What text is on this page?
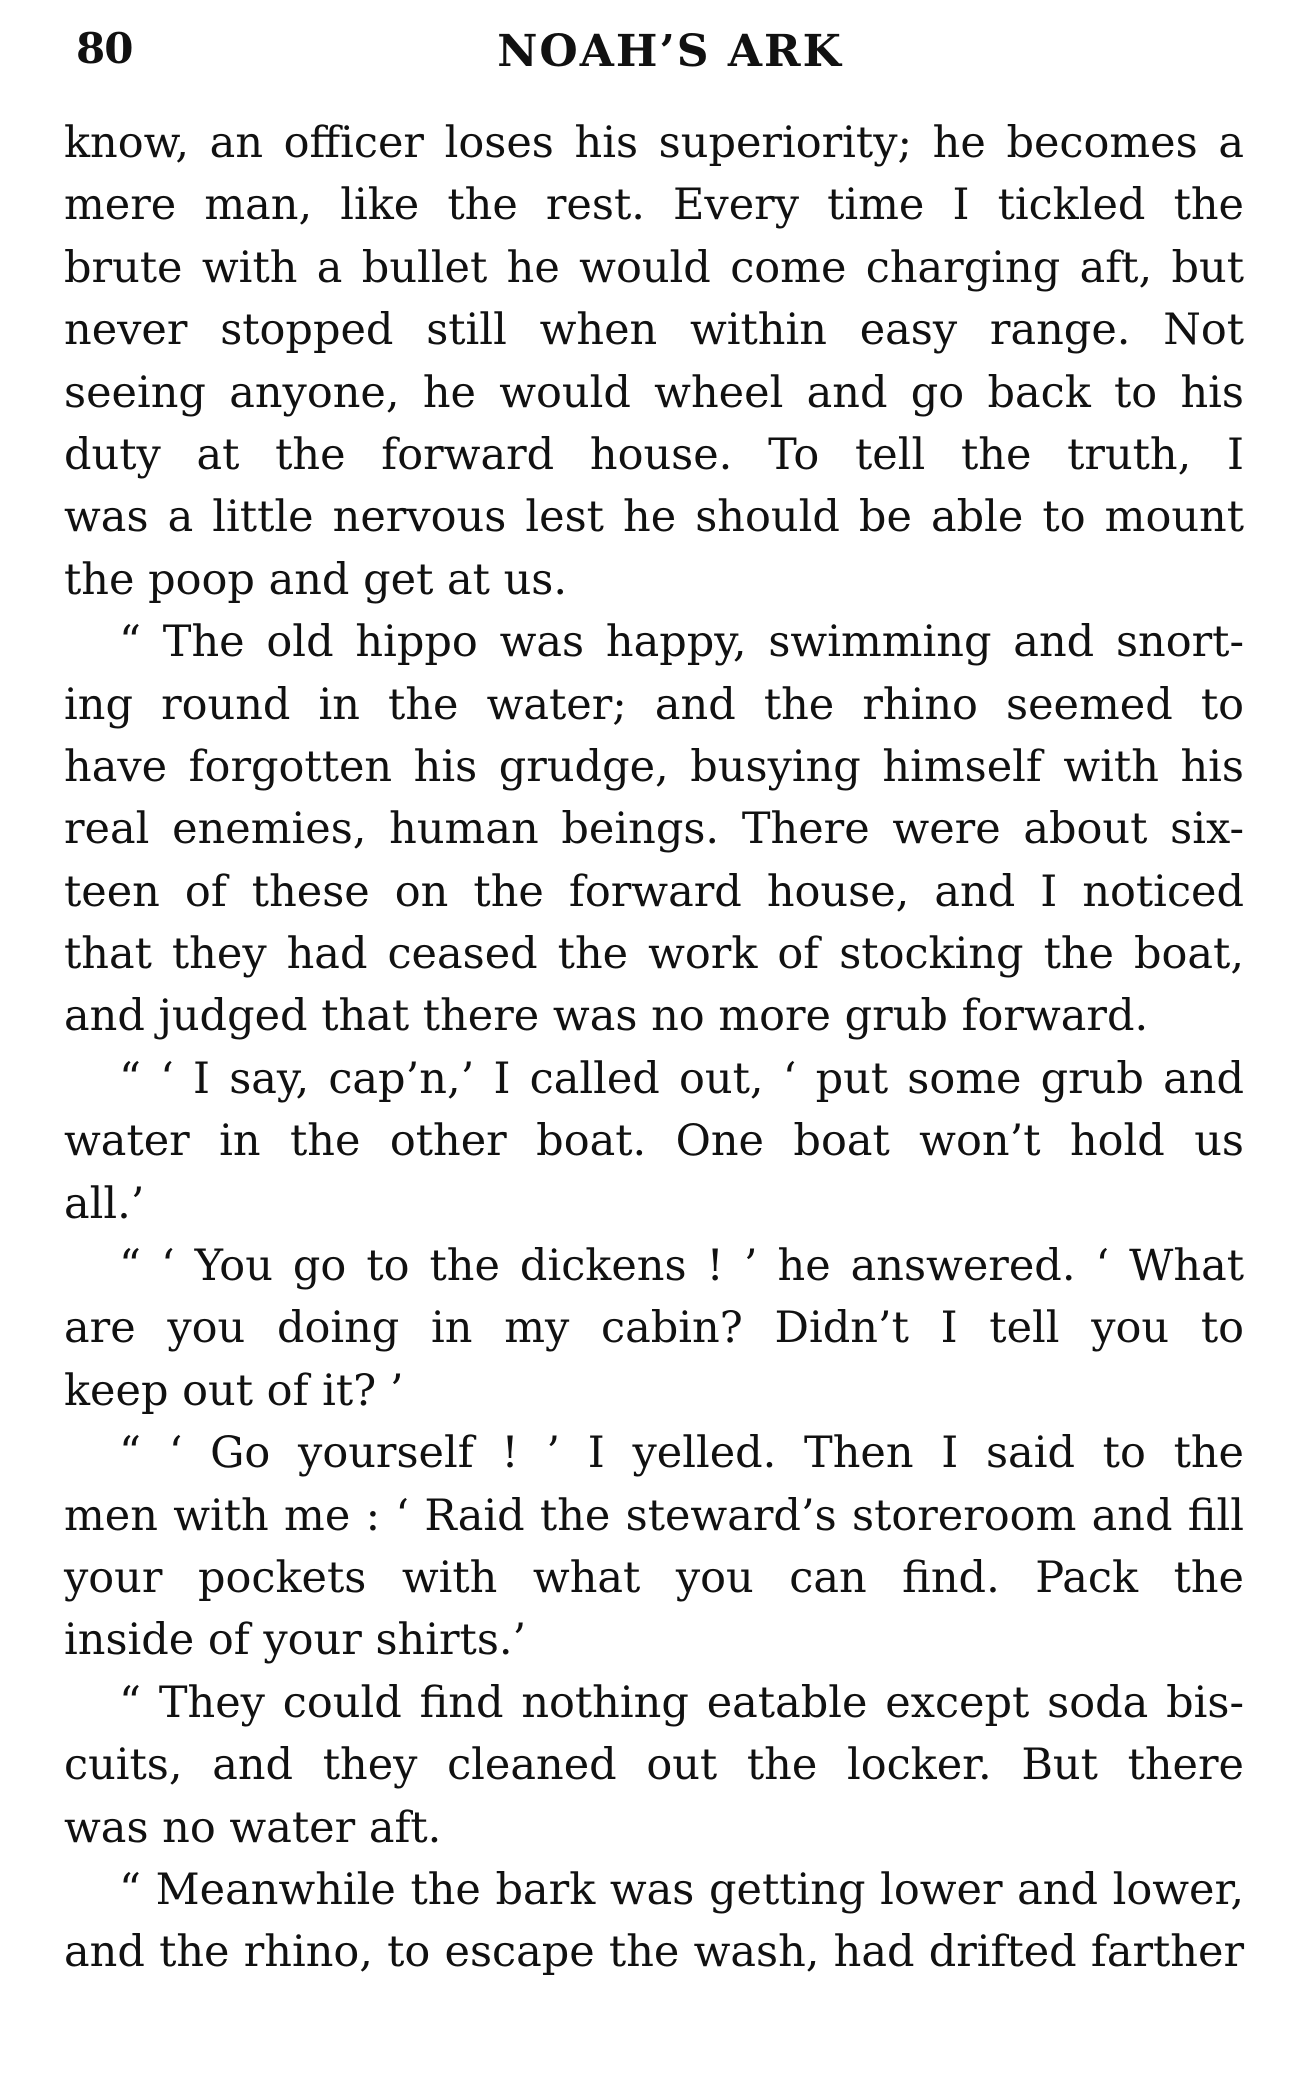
80	NOAH’S ARK
know, an officer loses his superiority; he becomes a
mere man, like the rest. Every time I tickled the
brute with a bullet he would come charging aft, but
never stopped still when within easy range. Not
seeing anyone, he would wheel and go back to his
duty at the forward house. To tell the truth, I
was a little nervous lest he should be able to mount
the poop and get at us.
“ The old hippo was happy, swimming and snort-
ing round in the water; and the rhino seemed to
have forgotten his grudge, busying himself with his
real enemies, human beings. There were about six-
teen of these on the forward house, and I noticed
that they had ceased the work of stocking the boat,
and judged that there was no more grub forward.
“ ‘ I say, cap’n,’ I called out, ‘ put some grub and
water in the other boat. One boat won’t hold us
all.’
“ ‘ You go to the dickens ! ’ he answered. ‘ What
are you doing in my cabin? Didn’t I tell you to
keep out of it? ’
“ ‘ Go yourself ! ’ I yelled. Then I said to the
men with me : ‘ Raid the steward’s storeroom and fill
your pockets with what you can find. Pack the
inside of your shirts.’
“ They could find nothing eatable except soda bis-
cuits, and they cleaned out the locker. But there
was no water aft.
“ Meanwhile the bark was getting lower and lower,
and the rhino, to escape the wash, had drifted farther
